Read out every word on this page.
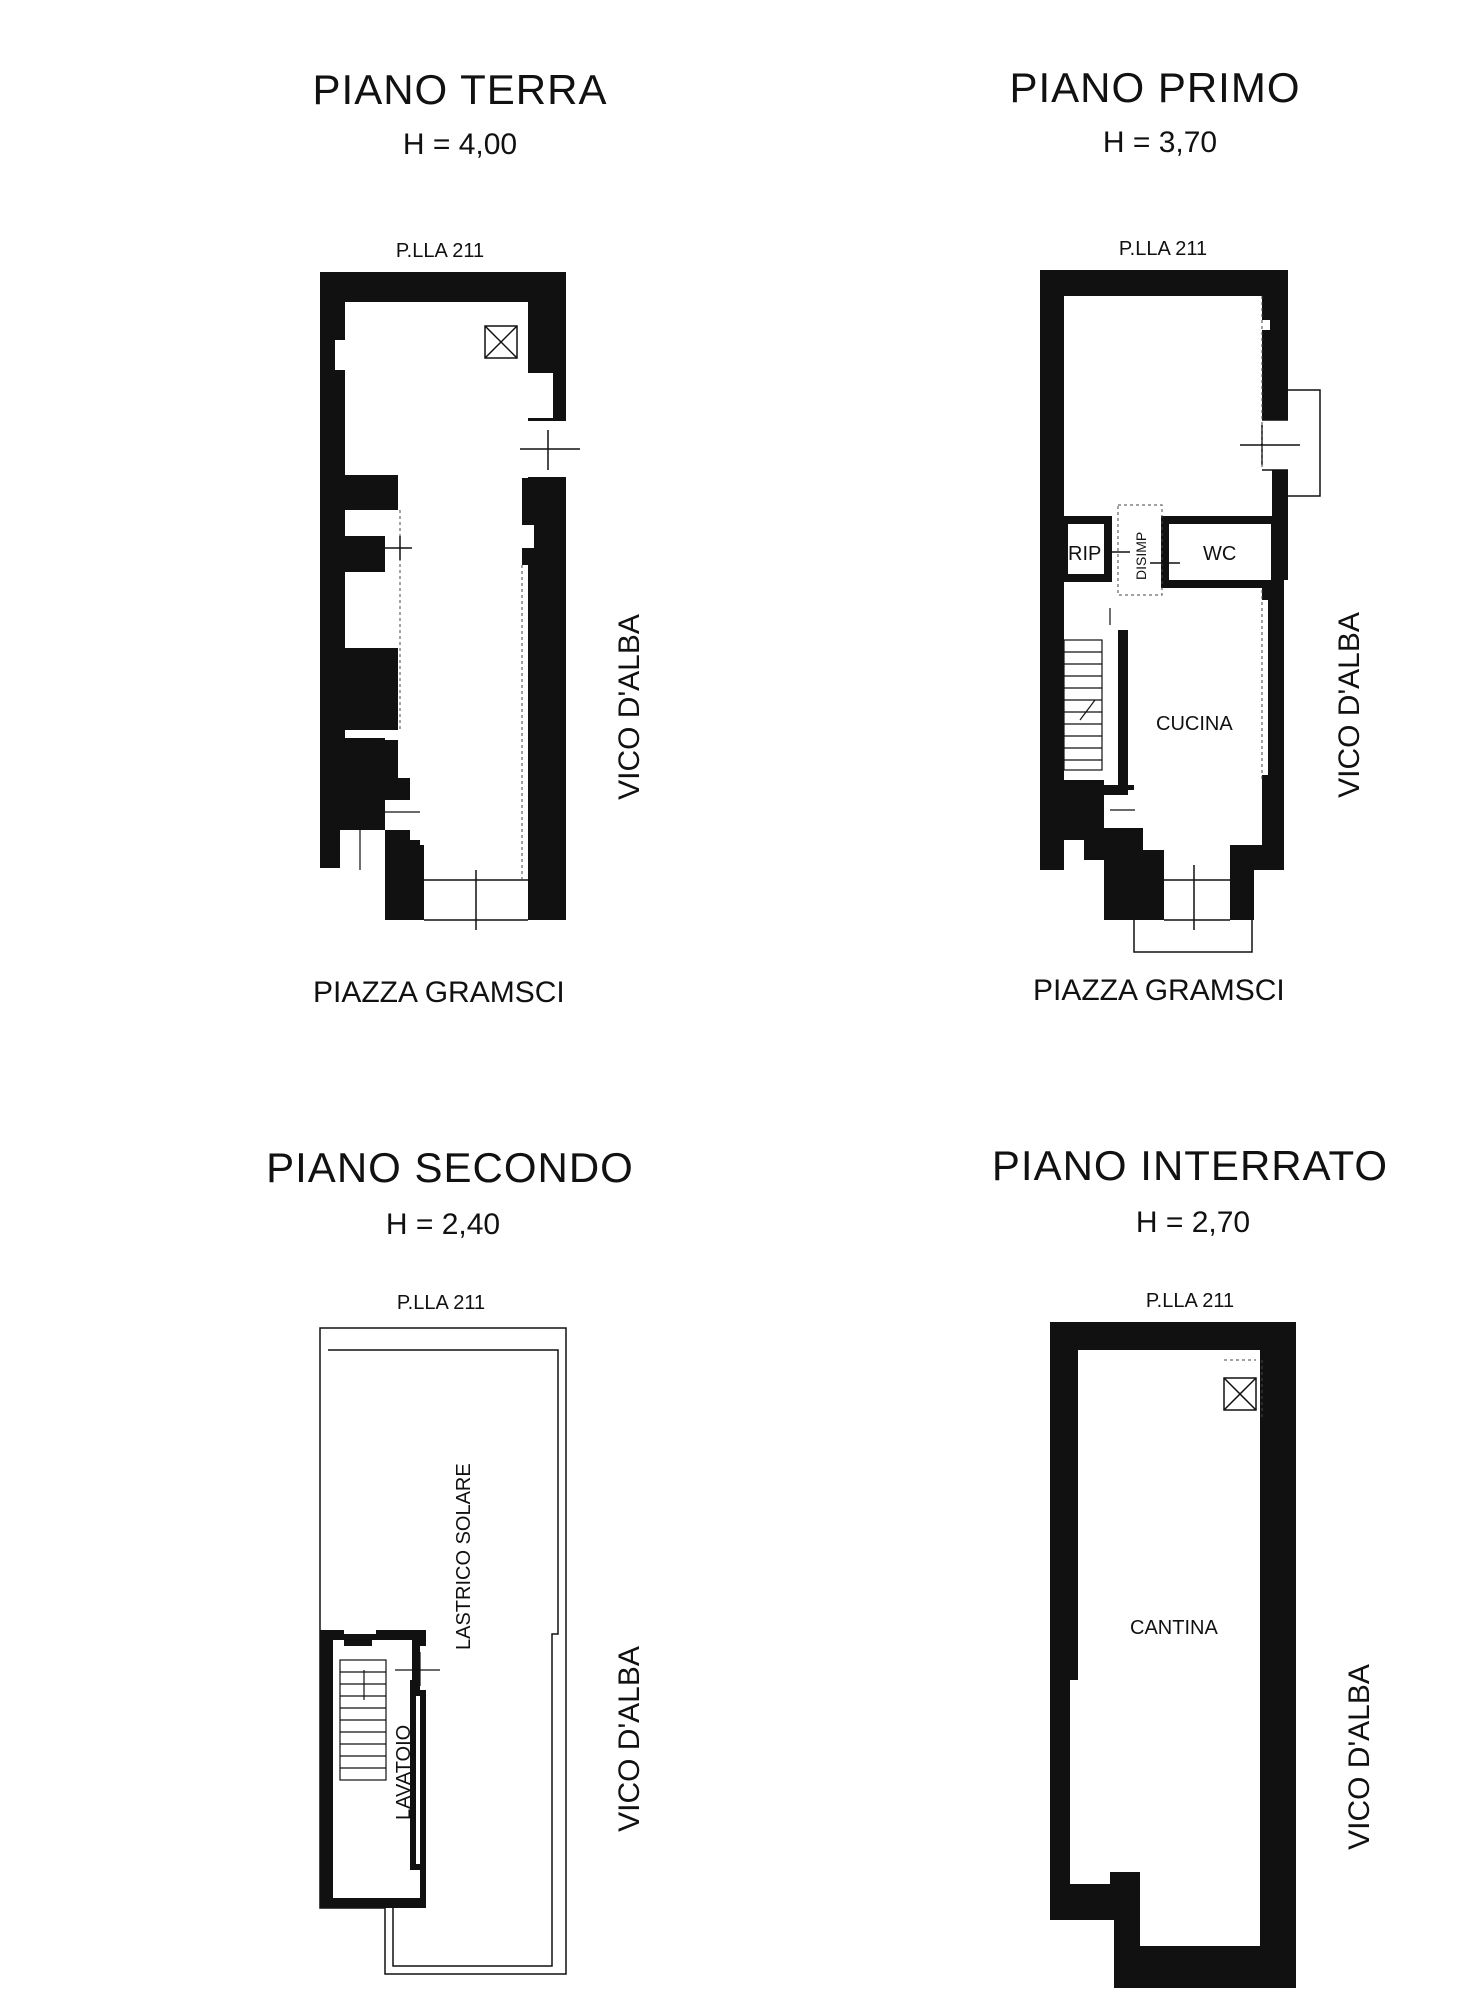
PIANO TERRA
H = 4,00
P.LLA 211
PIAZZA GRAMSCI
VICO D'ALBA
PIANO PRIMO
H = 3,70
P.LLA 211
PIAZZA GRAMSCI
VICO D'ALBA
PIANO SECONDO
H = 2,40
P.LLA 211
VICO D'ALBA
PIANO INTERRATO
H = 2,70
P.LLA 211
VICO D'ALBA
WC	RIP DISIMP	WC
CUCINA
LASTRICO SOLARE
LAVATOIO
CANTINA
